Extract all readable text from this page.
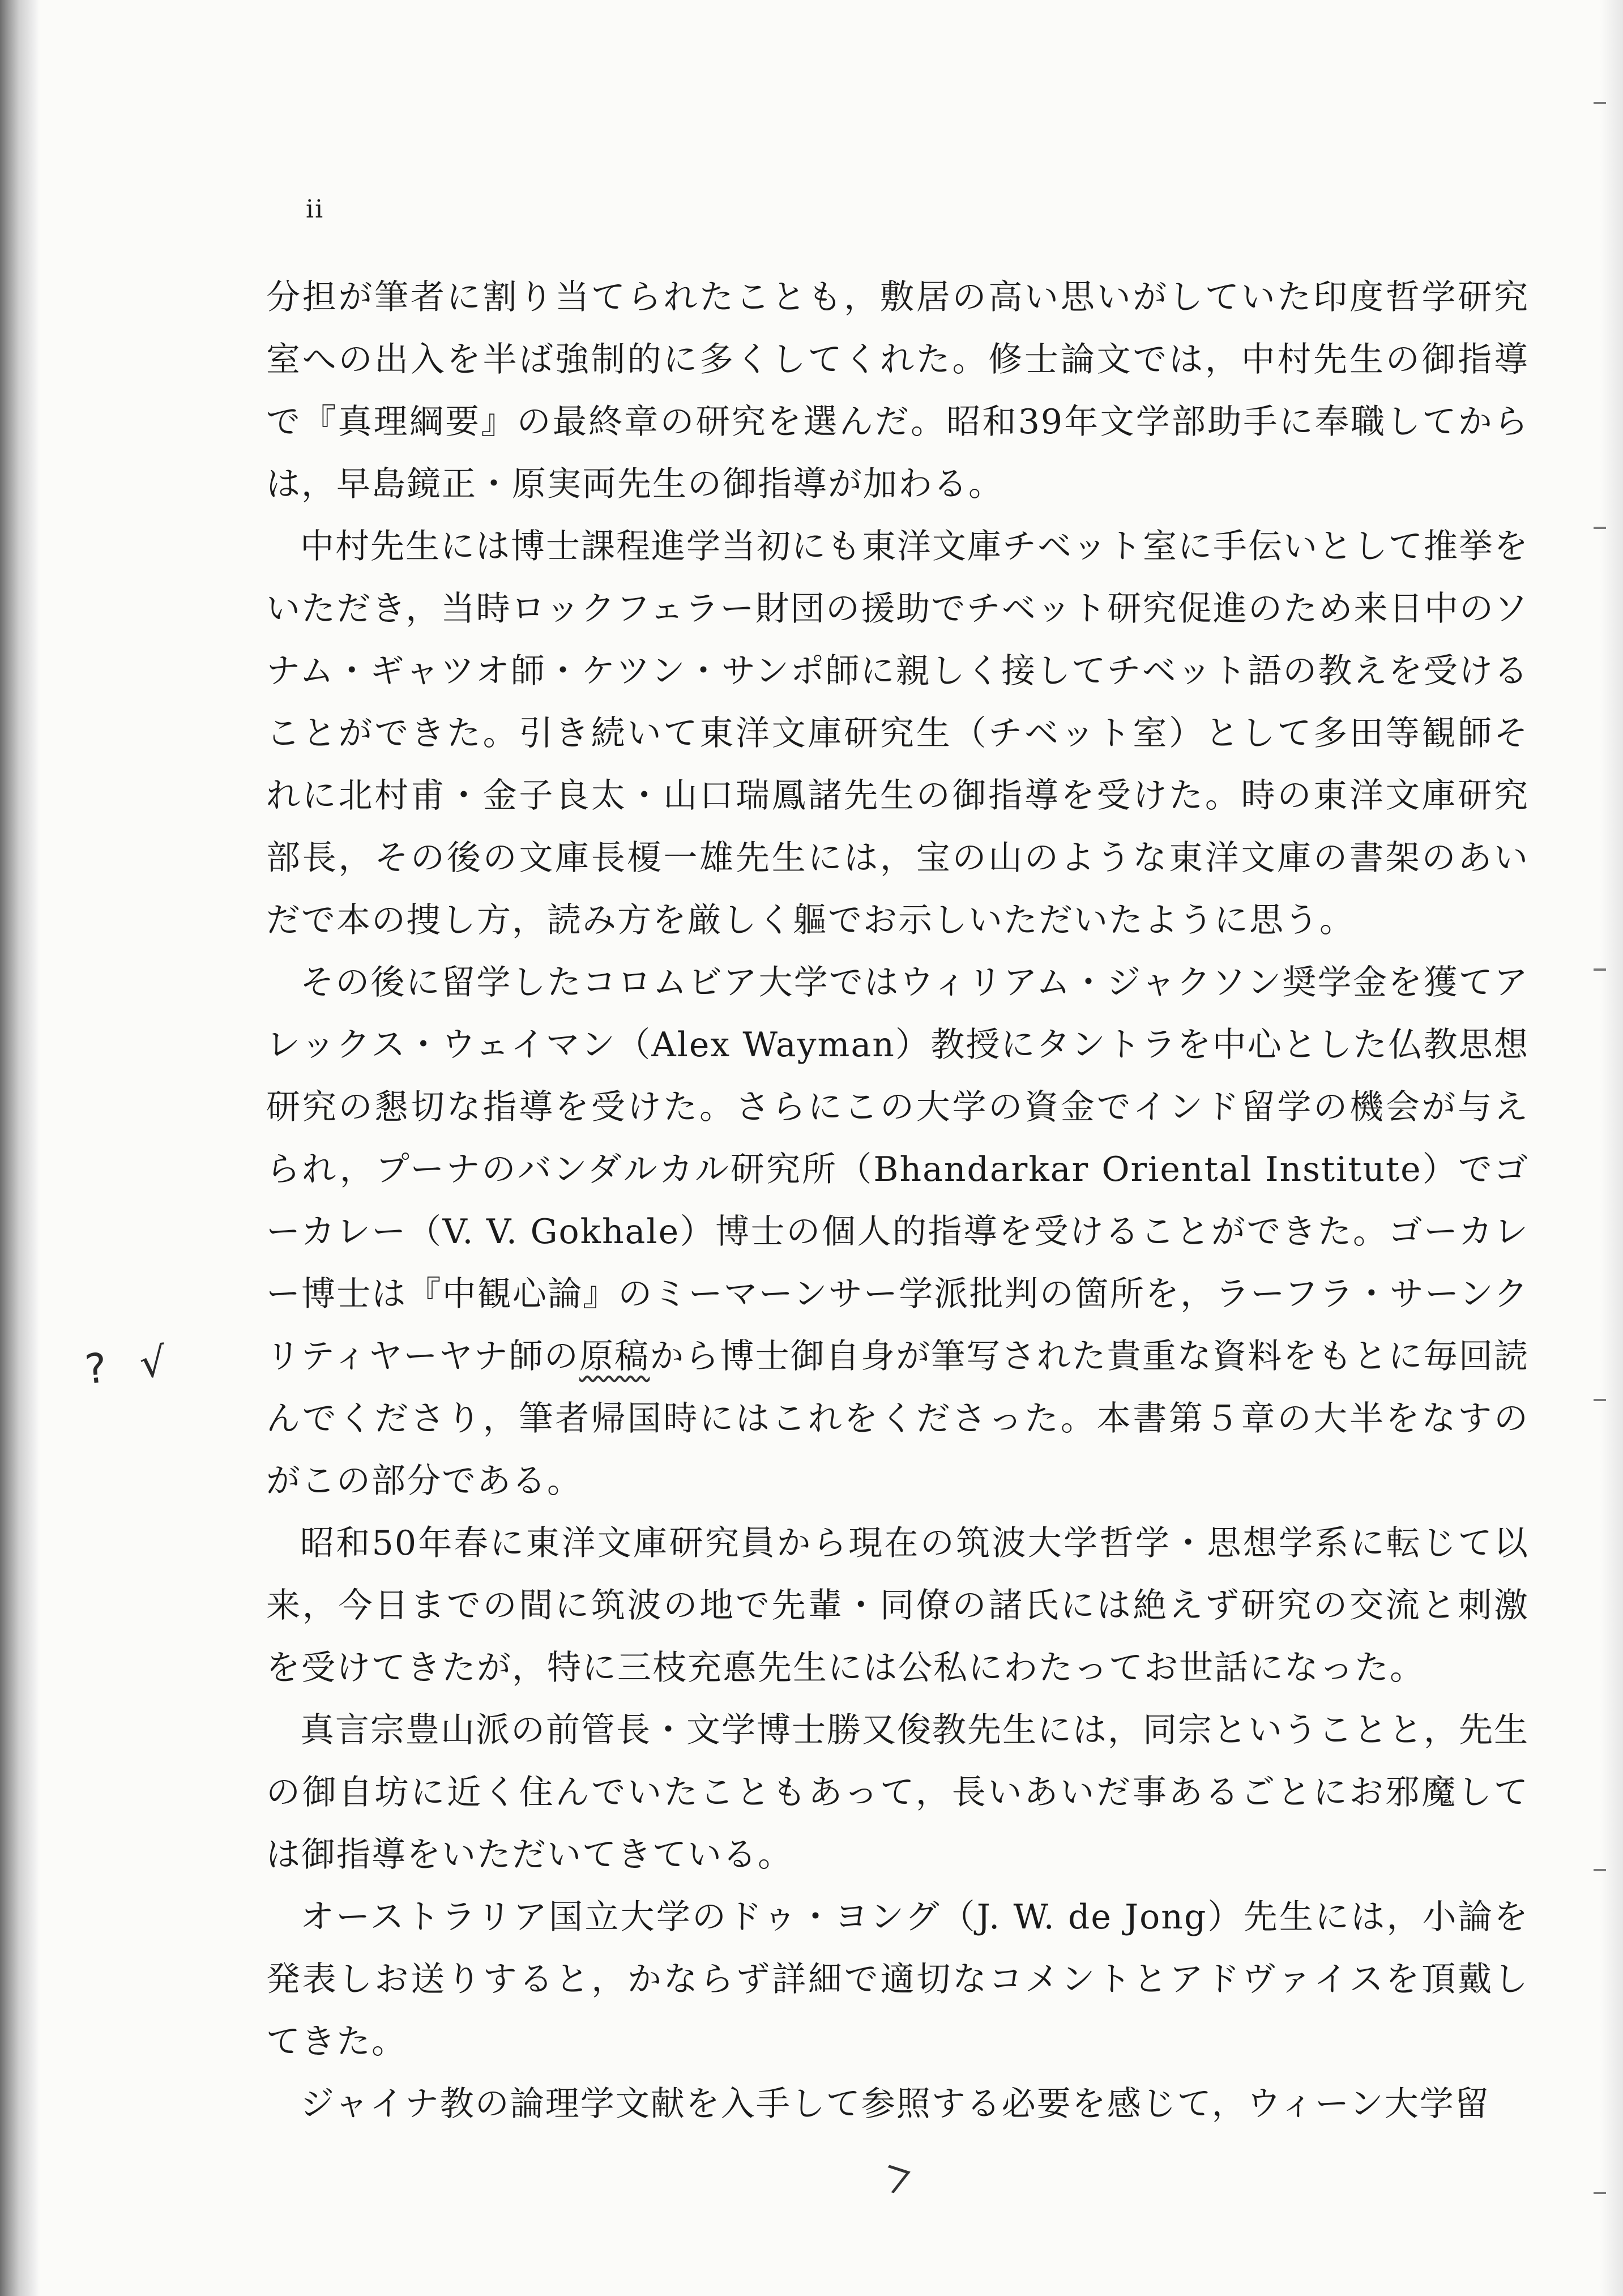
ii

分担が筆者に割り当てられたことも，敷居の高い思いがしていた印度哲学研究室への出入を半ば強制的に多くしてくれた。修士論文では，中村先生の御指導で『真理綱要』の最終章の研究を選んだ。昭和39年文学部助手に奉職してからは，早島鏡正・原実両先生の御指導が加わる。

中村先生には博士課程進学当初にも東洋文庫チベット室に手伝いとして推挙をいただき，当時ロックフェラー財団の援助でチベット研究促進のため来日中のソナム・ギャツオ師・ケツン・サンポ師に親しく接してチベット語の教えを受けることができた。引き続いて東洋文庫研究生（チベット室）として多田等観師それに北村甫・金子良太・山口瑞鳳諸先生の御指導を受けた。時の東洋文庫研究部長，その後の文庫長榎一雄先生には，宝の山のような東洋文庫の書架のあいだで本の捜し方，読み方を厳しく軀でお示しいただいたように思う。

その後に留学したコロムビア大学ではウィリアム・ジャクソン奨学金を獲てアレックス・ウェイマン（Alex Wayman）教授にタントラを中心とした仏教思想研究の懇切な指導を受けた。さらにこの大学の資金でインド留学の機会が与えられ，プーナのバンダルカル研究所（Bhandarkar Oriental Institute）でゴーカレー（V. V. Gokhale）博士の個人的指導を受けることができた。ゴーカレー博士は『中観心論』のミーマーンサー学派批判の箇所を，ラーフラ・サーンクリティヤーヤナ師の原稿から博士御自身が筆写された貴重な資料をもとに毎回読んでくださり，筆者帰国時にはこれをくださった。本書第５章の大半をなすのがこの部分である。

昭和50年春に東洋文庫研究員から現在の筑波大学哲学・思想学系に転じて以来，今日までの間に筑波の地で先輩・同僚の諸氏には絶えず研究の交流と刺激を受けてきたが，特に三枝充悳先生には公私にわたってお世話になった。

真言宗豊山派の前管長・文学博士勝又俊教先生には，同宗ということと，先生の御自坊に近く住んでいたこともあって，長いあいだ事あるごとにお邪魔しては御指導をいただいてきている。

オーストラリア国立大学のドゥ・ヨング（J. W. de Jong）先生には，小論を発表しお送りすると，かならず詳細で適切なコメントとアドヴァイスを頂戴してきた。

ジャイナ教の論理学文献を入手して参照する必要を感じて，ウィーン大学留

? √
